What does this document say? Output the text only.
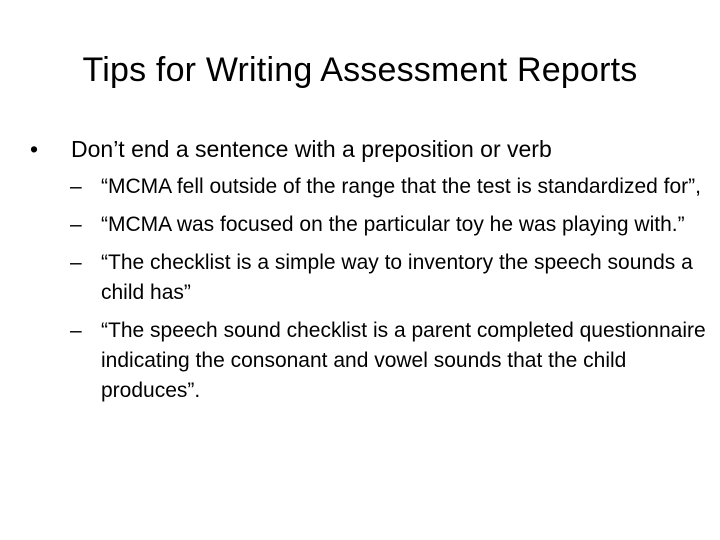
Tips for Writing Assessment Reports
•	Don’t end a sentence with a preposition or verb
– “MCMA fell outside of the range that the test is standardized for”,
– “MCMA was focused on the particular toy he was playing with.”
– “The checklist is a simple way to inventory the speech sounds a child has”
– “The speech sound checklist is a parent completed questionnaire indicating the consonant and vowel sounds that the child produces”.
